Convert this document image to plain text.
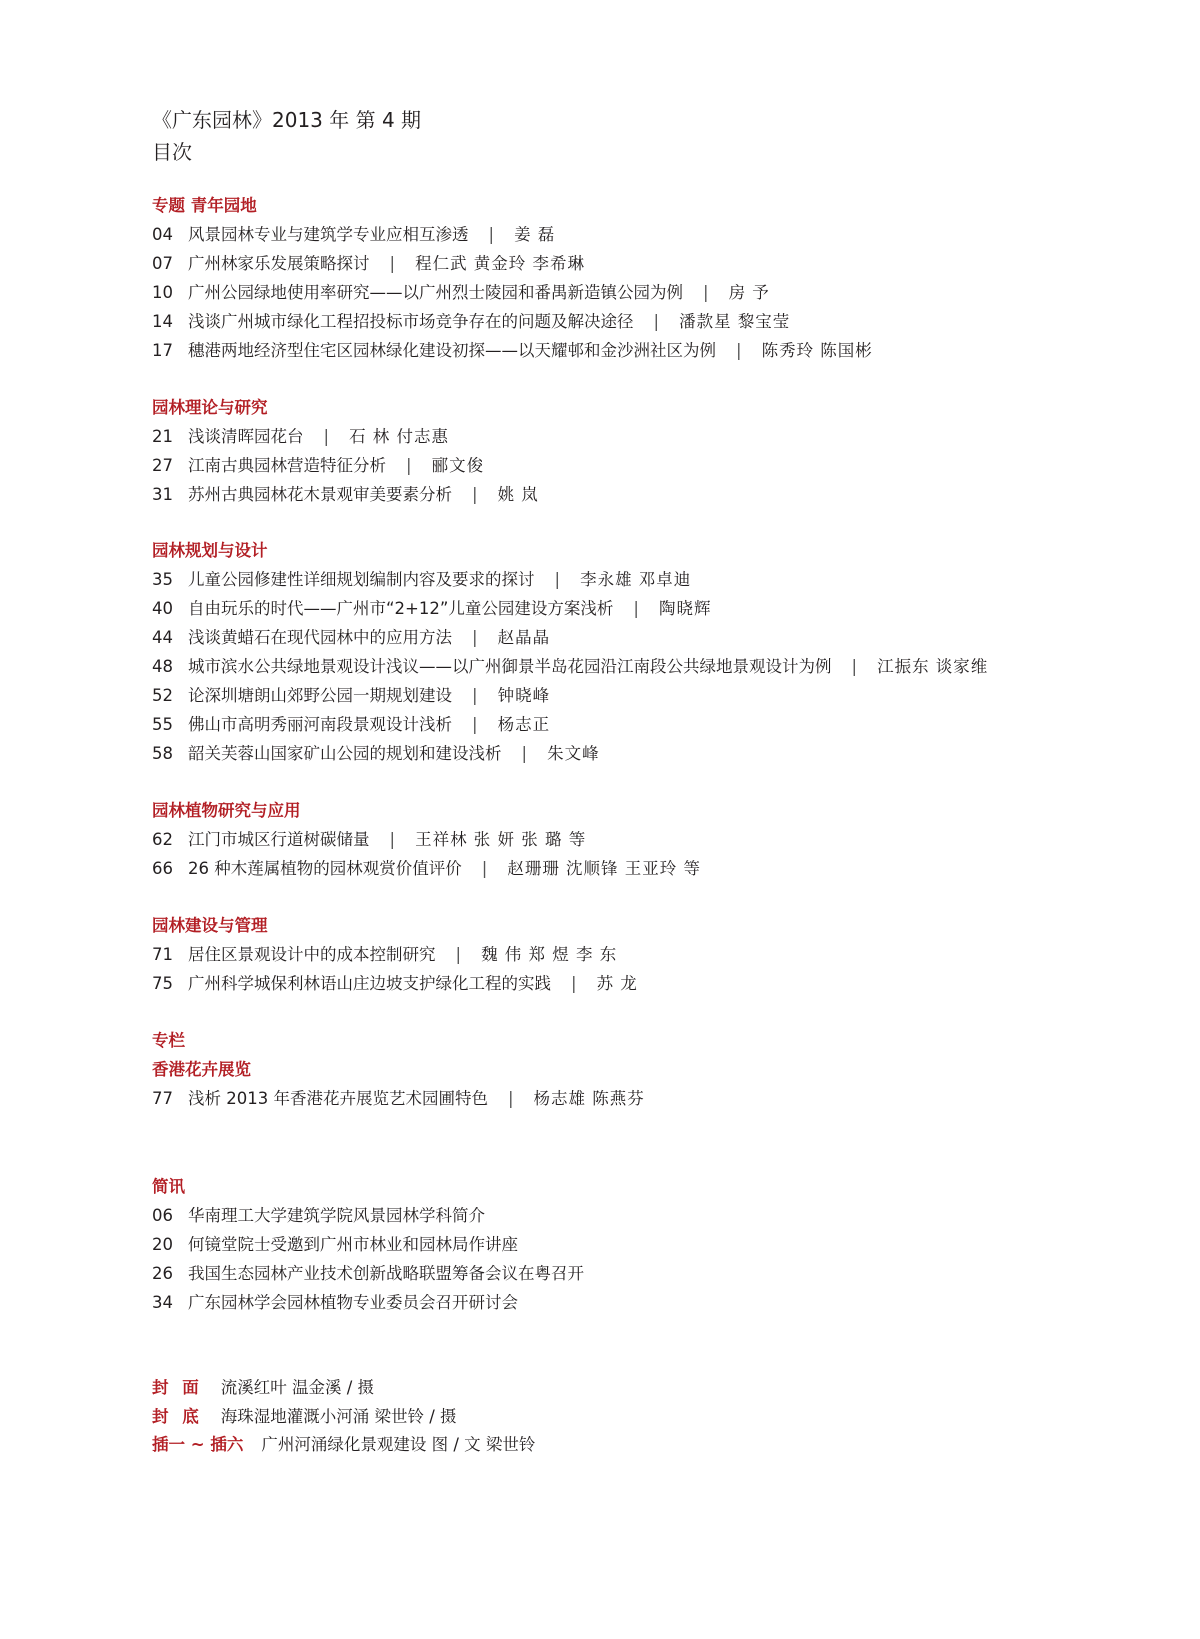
《广东园林》2013 年 第 4 期
目次
专题 青年园地
04 风景园林专业与建筑学专业应相互渗透 | 姜 磊
07 广州林家乐发展策略探讨 | 程仁武 黄金玲 李希琳
10 广州公园绿地使用率研究——以广州烈士陵园和番禺新造镇公园为例 | 房 予
14 浅谈广州城市绿化工程招投标市场竞争存在的问题及解决途径 | 潘款星 黎宝莹
17 穗港两地经济型住宅区园林绿化建设初探——以天耀邨和金沙洲社区为例 | 陈秀玲 陈国彬
园林理论与研究
21 浅谈清晖园花台 | 石 林 付志惠
27 江南古典园林营造特征分析 | 郦文俊
31 苏州古典园林花木景观审美要素分析 | 姚 岚
园林规划与设计
35 儿童公园修建性详细规划编制内容及要求的探讨 | 李永雄 邓卓迪
40 自由玩乐的时代——广州市“2+12”儿童公园建设方案浅析 | 陶晓辉
44 浅谈黄蜡石在现代园林中的应用方法 | 赵晶晶
48 城市滨水公共绿地景观设计浅议——以广州御景半岛花园沿江南段公共绿地景观设计为例 | 江振东 谈家维
52 论深圳塘朗山郊野公园一期规划建设 | 钟晓峰
55 佛山市高明秀丽河南段景观设计浅析 | 杨志正
58 韶关芙蓉山国家矿山公园的规划和建设浅析 | 朱文峰
园林植物研究与应用
62 江门市城区行道树碳储量 | 王祥林 张 妍 张 璐 等
66 26 种木莲属植物的园林观赏价值评价 | 赵珊珊 沈顺锋 王亚玲 等
园林建设与管理
71 居住区景观设计中的成本控制研究 | 魏 伟 郑 煜 李 东
75 广州科学城保利林语山庄边坡支护绿化工程的实践 | 苏 龙
专栏
香港花卉展览
77 浅析 2013 年香港花卉展览艺术园圃特色 | 杨志雄 陈燕芬
简讯
06 华南理工大学建筑学院风景园林学科简介
20 何镜堂院士受邀到广州市林业和园林局作讲座
26 我国生态园林产业技术创新战略联盟筹备会议在粤召开
34 广东园林学会园林植物专业委员会召开研讨会
封 面 流溪红叶 温金溪 / 摄
封 底 海珠湿地灌溉小河涌 梁世铃 / 摄
插一 ~ 插六 广州河涌绿化景观建设 图 / 文 梁世铃
